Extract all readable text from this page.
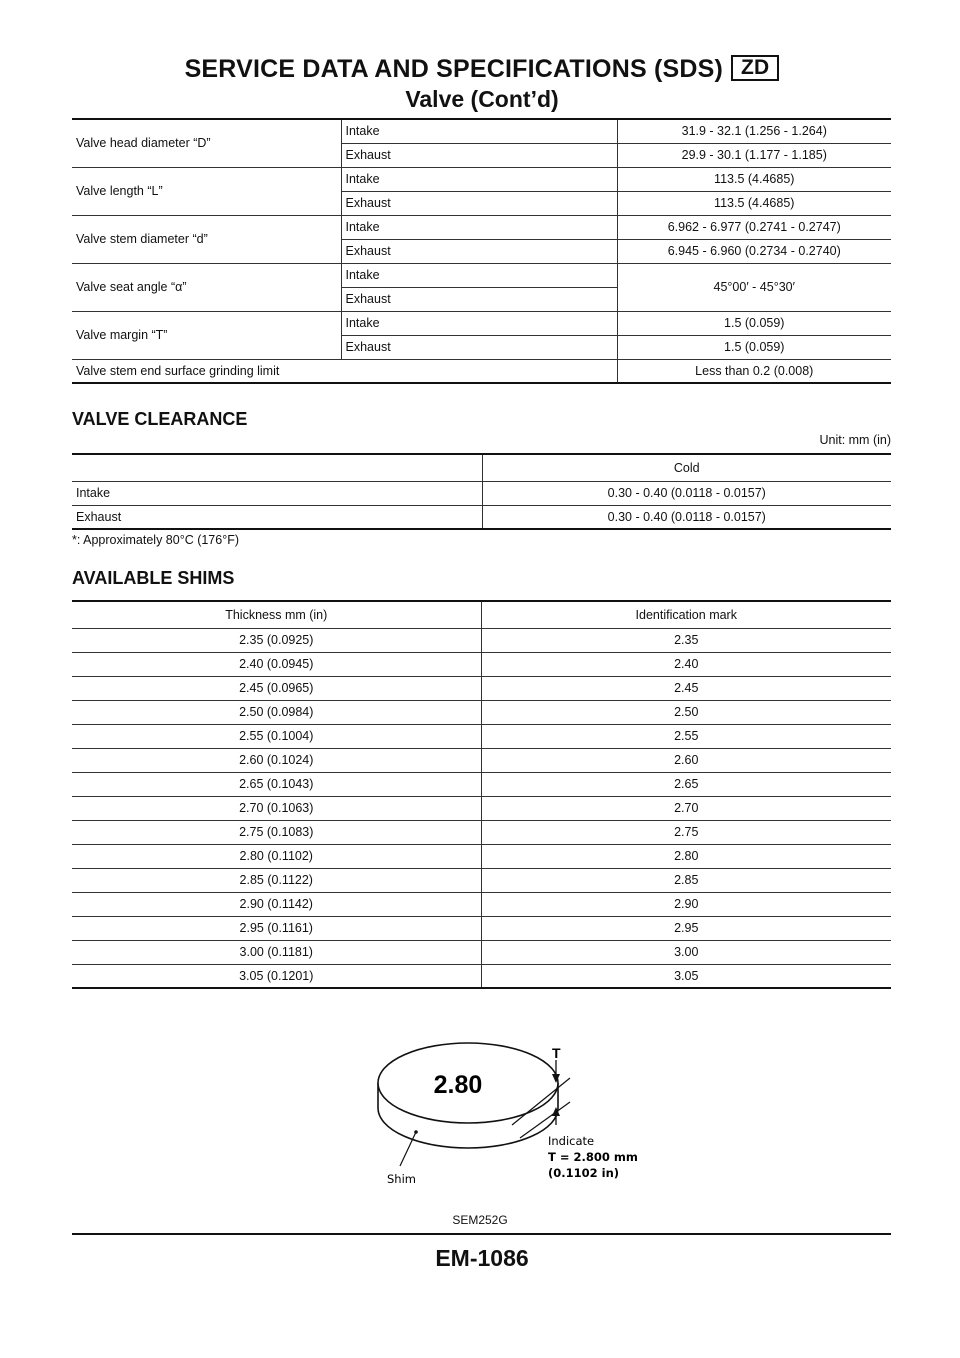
SERVICE DATA AND SPECIFICATIONS (SDS) ZD
Valve (Cont’d)
Valve head diameter “D”	Intake	31.9 - 32.1 (1.256 - 1.264)
	Exhaust	29.9 - 30.1 (1.177 - 1.185)
Valve length “L”	Intake	113.5 (4.4685)
	Exhaust	113.5 (4.4685)
Valve stem diameter “d”	Intake	6.962 - 6.977 (0.2741 - 0.2747)
	Exhaust	6.945 - 6.960 (0.2734 - 0.2740)
Valve seat angle “α”	Intake	45°00′ - 45°30′
	Exhaust	
Valve margin “T”	Intake	1.5 (0.059)
	Exhaust	1.5 (0.059)
Valve stem end surface grinding limit		Less than 0.2 (0.008)
VALVE CLEARANCE
Unit: mm (in)
	Cold
Intake	0.30 - 0.40 (0.0118 - 0.0157)
Exhaust	0.30 - 0.40 (0.0118 - 0.0157)
*: Approximately 80°C (176°F)
AVAILABLE SHIMS
Thickness mm (in)	Identification mark
2.35 (0.0925)	2.35
2.40 (0.0945)	2.40
2.45 (0.0965)	2.45
2.50 (0.0984)	2.50
2.55 (0.1004)	2.55
2.60 (0.1024)	2.60
2.65 (0.1043)	2.65
2.70 (0.1063)	2.70
2.75 (0.1083)	2.75
2.80 (0.1102)	2.80
2.85 (0.1122)	2.85
2.90 (0.1142)	2.90
2.95 (0.1161)	2.95
3.00 (0.1181)	3.00
3.05 (0.1201)	3.05
2.80
T
Indicate
T = 2.800 mm
(0.1102 in)
Shim
SEM252G
EM-1086
